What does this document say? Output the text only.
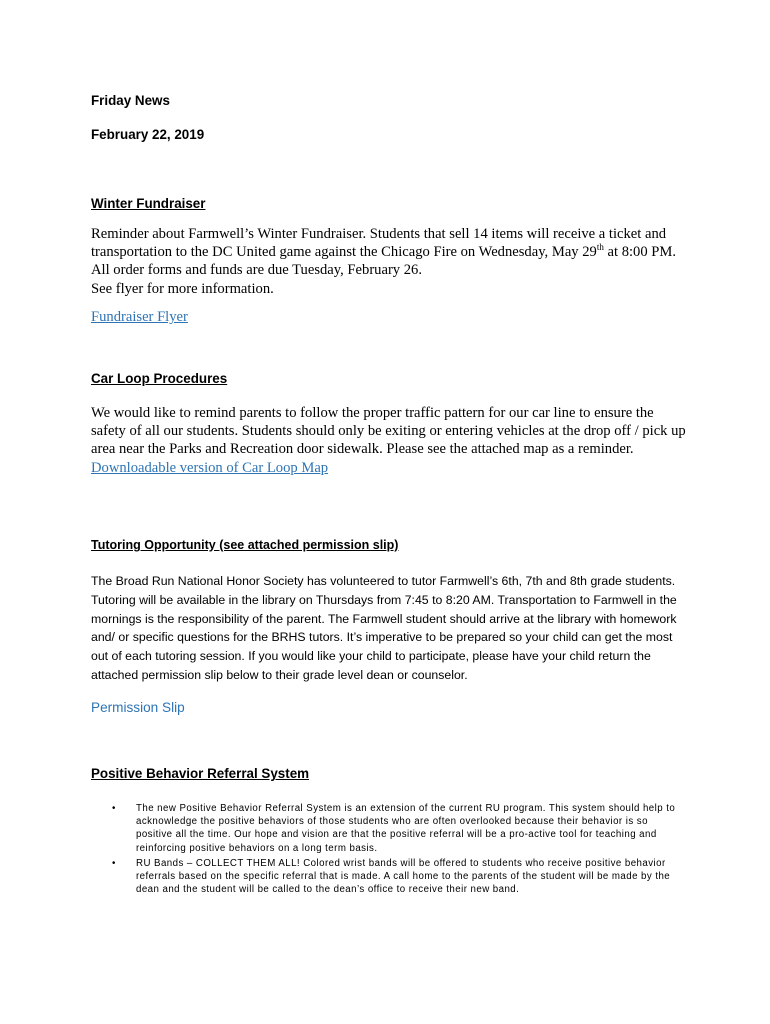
Friday News
February 22, 2019
Winter Fundraiser
Reminder about Farmwell’s Winter Fundraiser. Students that sell 14 items will receive a ticket and transportation to the DC United game against the Chicago Fire on Wednesday, May 29th at 8:00 PM. All order forms and funds are due Tuesday, February 26.
See flyer for more information.
Fundraiser Flyer
Car Loop Procedures
We would like to remind parents to follow the proper traffic pattern for our car line to ensure the safety of all our students. Students should only be exiting or entering vehicles at the drop off / pick up area near the Parks and Recreation door sidewalk. Please see the attached map as a reminder. Downloadable version of Car Loop Map
Tutoring Opportunity (see attached permission slip)
The Broad Run National Honor Society has volunteered to tutor Farmwell’s 6th, 7th and 8th grade students. Tutoring will be available in the library on Thursdays from 7:45 to 8:20 AM. Transportation to Farmwell in the mornings is the responsibility of the parent. The Farmwell student should arrive at the library with homework and/ or specific questions for the BRHS tutors. It’s imperative to be prepared so your child can get the most out of each tutoring session. If you would like your child to participate, please have your child return the attached permission slip below to their grade level dean or counselor.
Permission Slip
Positive Behavior Referral System
•	The new Positive Behavior Referral System is an extension of the current RU program. This system should help to acknowledge the positive behaviors of those students who are often overlooked because their behavior is so positive all the time. Our hope and vision are that the positive referral will be a pro-active tool for teaching and reinforcing positive behaviors on a long term basis.
•	RU Bands – COLLECT THEM ALL! Colored wrist bands will be offered to students who receive positive behavior referrals based on the specific referral that is made. A call home to the parents of the student will be made by the dean and the student will be called to the dean’s office to receive their new band.
